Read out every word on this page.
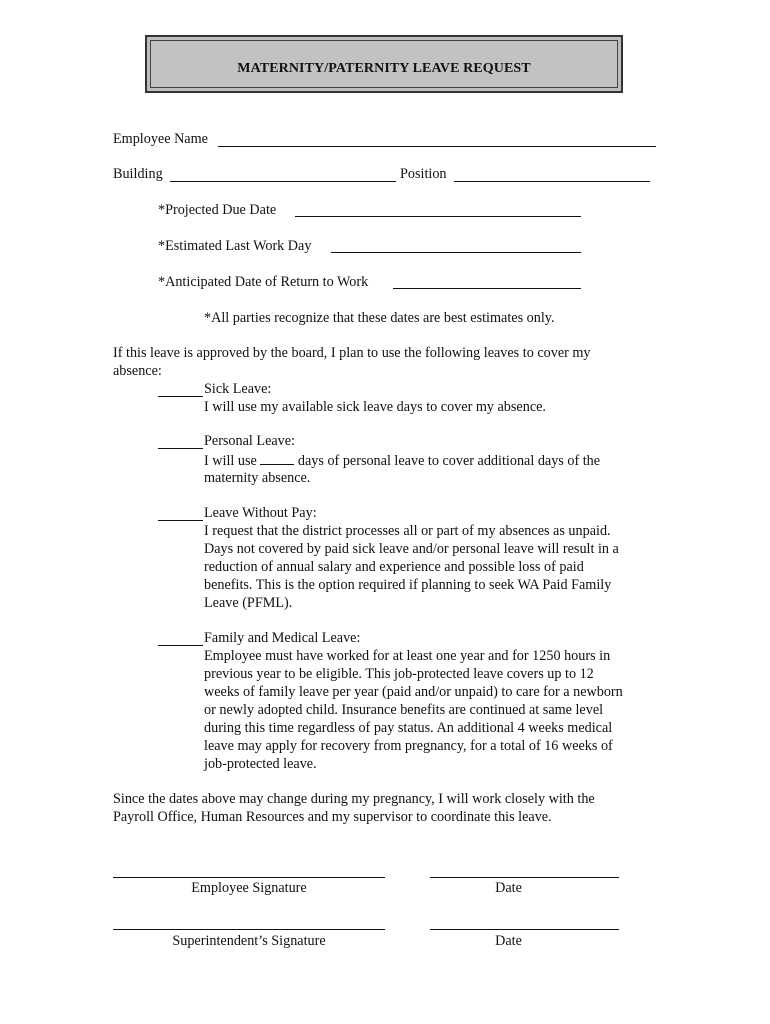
MATERNITY/PATERNITY LEAVE REQUEST
Employee Name
Building	Position
*Projected Due Date
*Estimated Last Work Day
*Anticipated Date of Return to Work
*All parties recognize that these dates are best estimates only.
If this leave is approved by the board, I plan to use the following leaves to cover my
absence:
Sick Leave:
I will use my available sick leave days to cover my absence.
Personal Leave:
I will use	days of personal leave to cover additional days of the
maternity absence.
Leave Without Pay:
I request that the district processes all or part of my absences as unpaid.
Days not covered by paid sick leave and/or personal leave will result in a
reduction of annual salary and experience and possible loss of paid
benefits. This is the option required if planning to seek WA Paid Family
Leave (PFML).
Family and Medical Leave:
Employee must have worked for at least one year and for 1250 hours in
previous year to be eligible. This job-protected leave covers up to 12
weeks of family leave per year (paid and/or unpaid) to care for a newborn
or newly adopted child. Insurance benefits are continued at same level
during this time regardless of pay status. An additional 4 weeks medical
leave may apply for recovery from pregnancy, for a total of 16 weeks of
job-protected leave.
Since the dates above may change during my pregnancy, I will work closely with the
Payroll Office, Human Resources and my supervisor to coordinate this leave.
Employee Signature	Date
Superintendent’s Signature	Date
